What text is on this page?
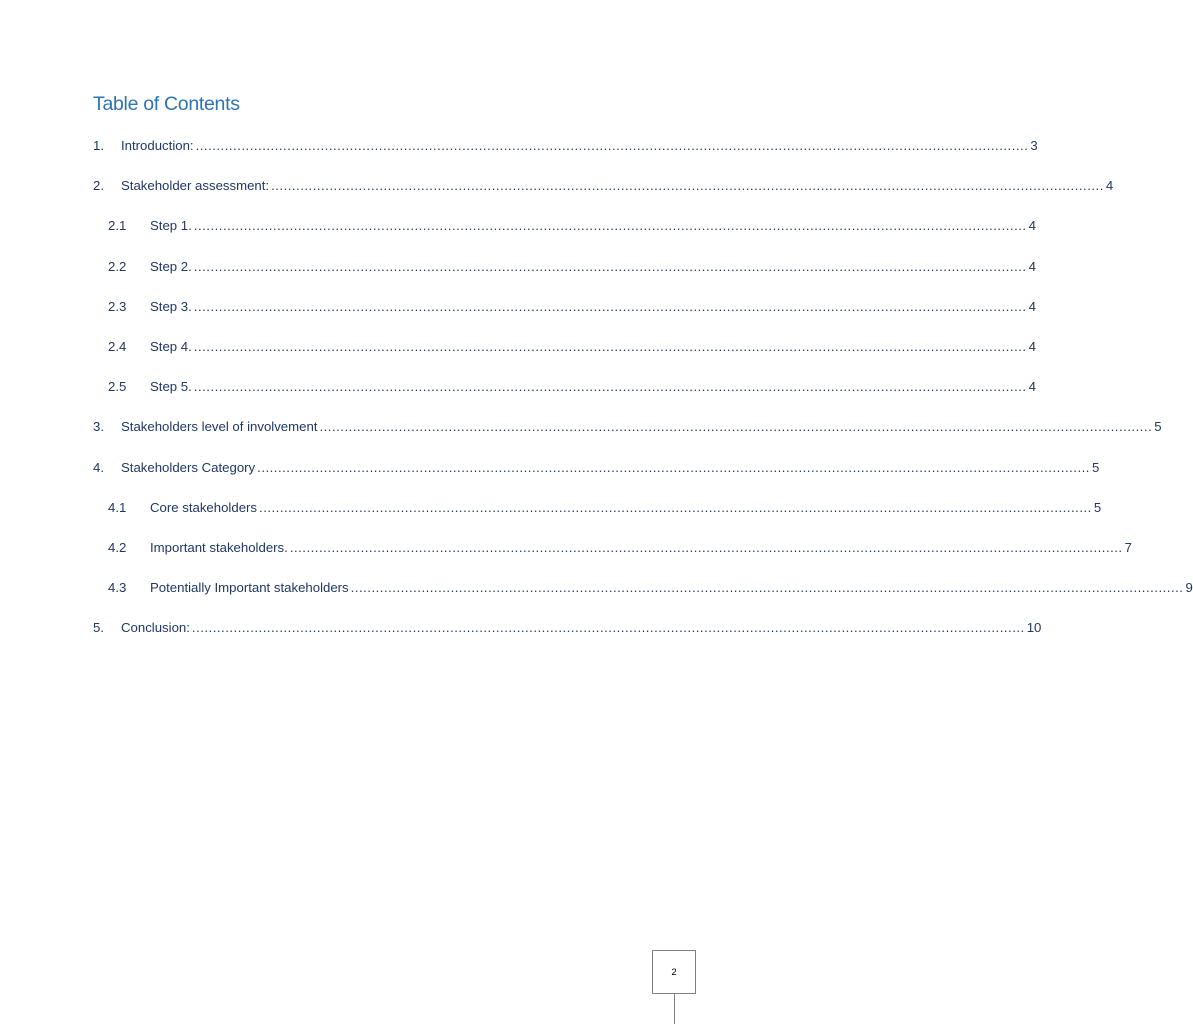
Table of Contents
1.	Introduction: ........................................................................................................................................................................................................ 3
2.	Stakeholder assessment: ........................................................................................................................................................................................................ 4
2.1	Step 1. ........................................................................................................................................................................................................ 4
2.2	Step 2. ........................................................................................................................................................................................................ 4
2.3	Step 3. ........................................................................................................................................................................................................ 4
2.4	Step 4. ........................................................................................................................................................................................................ 4
2.5	Step 5. ........................................................................................................................................................................................................ 4
3.	Stakeholders level of involvement ........................................................................................................................................................................................................ 5
4.	Stakeholders Category ........................................................................................................................................................................................................ 5
4.1	Core stakeholders ........................................................................................................................................................................................................ 5
4.2	Important stakeholders. ........................................................................................................................................................................................................ 7
4.3	Potentially Important stakeholders ........................................................................................................................................................................................................ 9
5.	Conclusion: ........................................................................................................................................................................................................ 10
2
